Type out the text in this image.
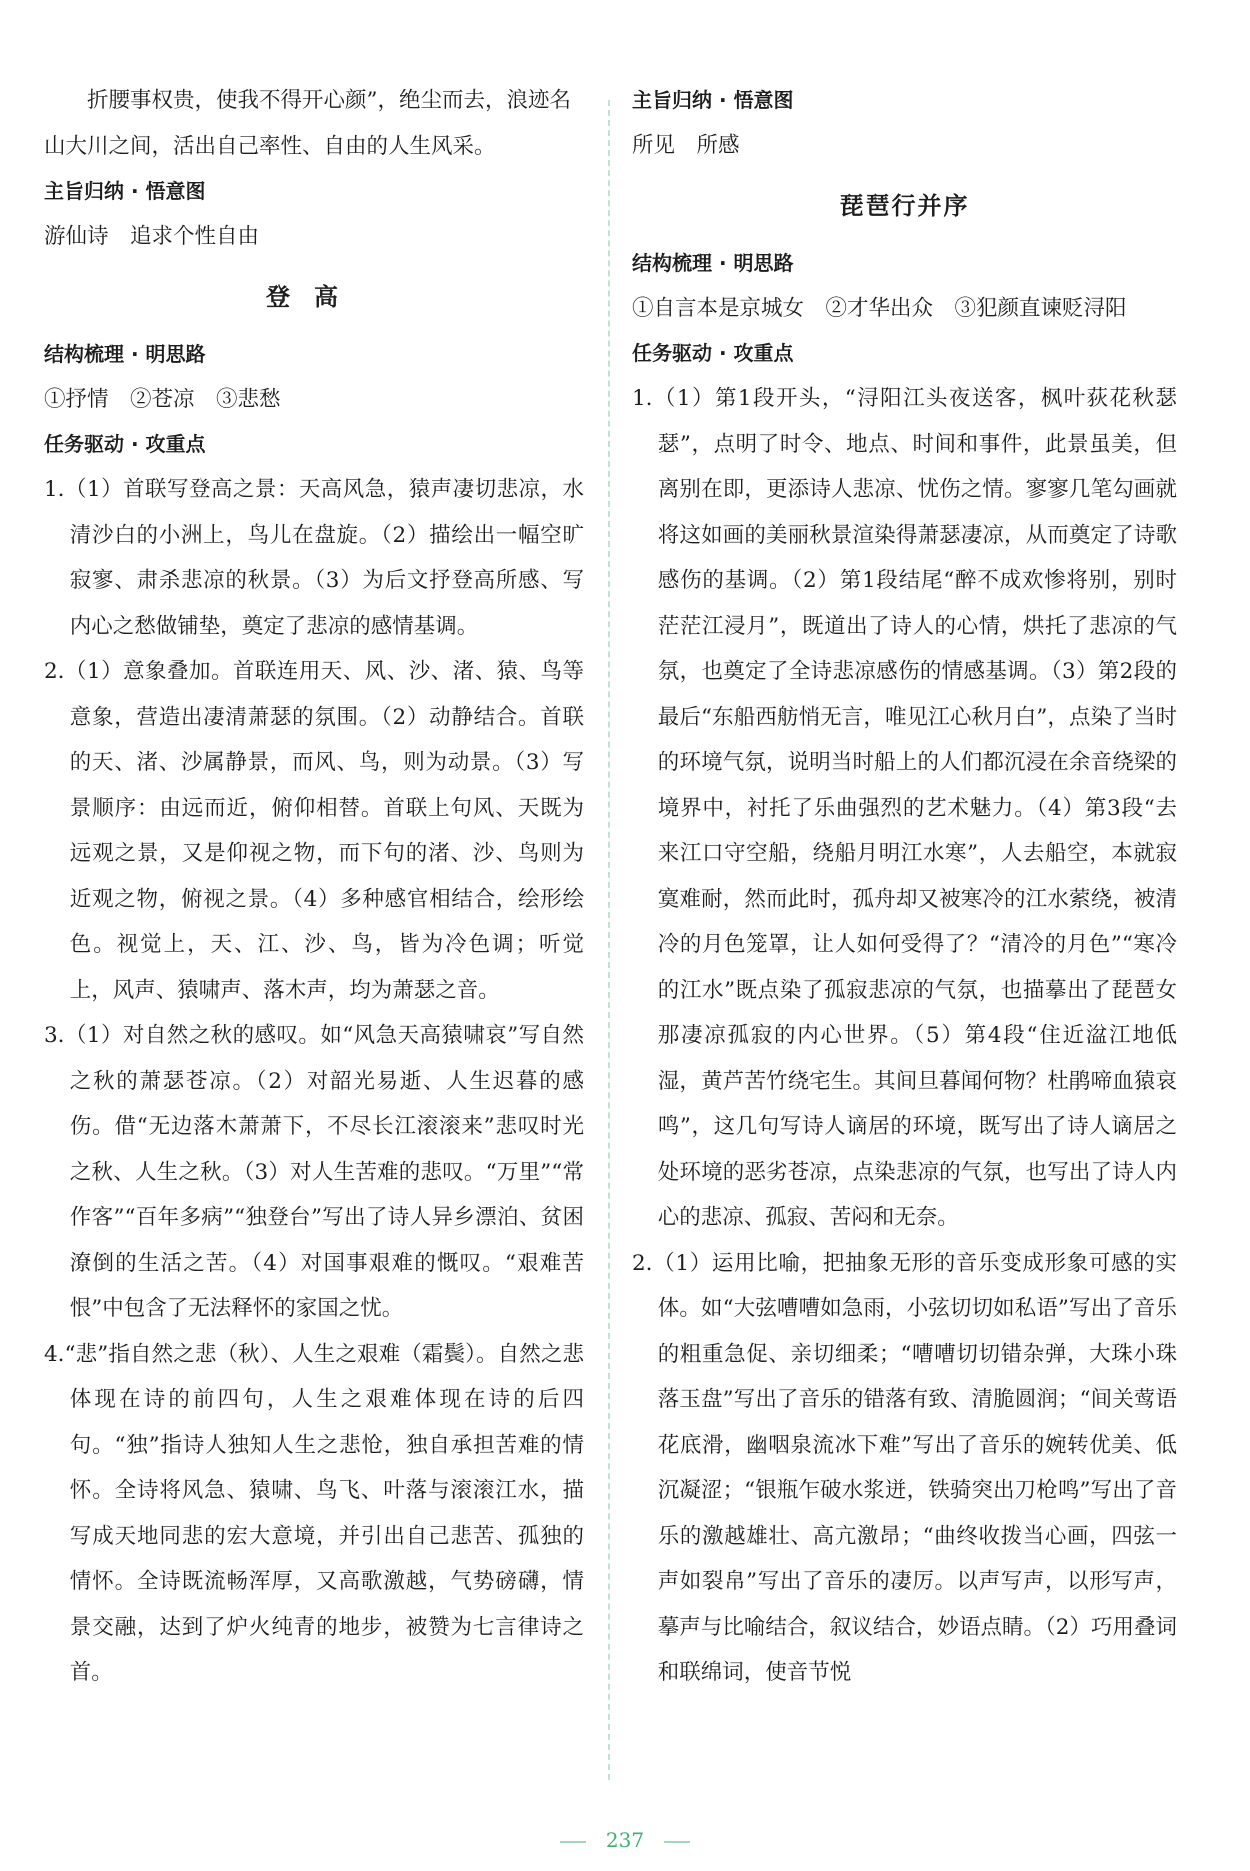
折腰事权贵，使我不得开心颜”，绝尘而去，浪迹名

山大川之间，活出自己率性、自由的人生风采。

主旨归纳 · 悟意图

游仙诗　追求个性自由

登高

结构梳理 · 明思路

①抒情　②苍凉　③悲愁

任务驱动 · 攻重点

1.（1）首联写登高之景：天高风急，猿声凄切悲凉，水清沙白的小洲上，鸟儿在盘旋。（2）描绘出一幅空旷寂寥、肃杀悲凉的秋景。（3）为后文抒登高所感、写内心之愁做铺垫，奠定了悲凉的感情基调。

2.（1）意象叠加。首联连用天、风、沙、渚、猿、鸟等意象，营造出凄清萧瑟的氛围。（2）动静结合。首联的天、渚、沙属静景，而风、鸟，则为动景。（3）写景顺序：由远而近，俯仰相替。首联上句风、天既为远观之景，又是仰视之物，而下句的渚、沙、鸟则为近观之物，俯视之景。（4）多种感官相结合，绘形绘色。视觉上，天、江、沙、鸟，皆为冷色调；听觉上，风声、猿啸声、落木声，均为萧瑟之音。

3.（1）对自然之秋的感叹。如“风急天高猿啸哀”写自然之秋的萧瑟苍凉。（2）对韶光易逝、人生迟暮的感伤。借“无边落木萧萧下，不尽长江滚滚来”悲叹时光之秋、人生之秋。（3）对人生苦难的悲叹。“万里”“常作客”“百年多病”“独登台”写出了诗人异乡漂泊、贫困潦倒的生活之苦。（4）对国事艰难的慨叹。“艰难苦恨”中包含了无法释怀的家国之忧。

4.“悲”指自然之悲（秋）、人生之艰难（霜鬓）。自然之悲体现在诗的前四句，人生之艰难体现在诗的后四句。“独”指诗人独知人生之悲怆，独自承担苦难的情怀。全诗将风急、猿啸、鸟飞、叶落与滚滚江水，描写成天地同悲的宏大意境，并引出自己悲苦、孤独的情怀。全诗既流畅浑厚，又高歌激越，气势磅礴，情景交融，达到了炉火纯青的地步，被赞为七言律诗之首。

主旨归纳 · 悟意图

所见　所感

琵琶行并序

结构梳理 · 明思路

①自言本是京城女　②才华出众　③犯颜直谏贬浔阳

任务驱动 · 攻重点

1.（1）第1段开头，“浔阳江头夜送客，枫叶荻花秋瑟瑟”，点明了时令、地点、时间和事件，此景虽美，但离别在即，更添诗人悲凉、忧伤之情。寥寥几笔勾画就将这如画的美丽秋景渲染得萧瑟凄凉，从而奠定了诗歌感伤的基调。（2）第1段结尾“醉不成欢惨将别，别时茫茫江浸月”，既道出了诗人的心情，烘托了悲凉的气氛，也奠定了全诗悲凉感伤的情感基调。（3）第2段的最后“东船西舫悄无言，唯见江心秋月白”，点染了当时的环境气氛，说明当时船上的人们都沉浸在余音绕梁的境界中，衬托了乐曲强烈的艺术魅力。（4）第3段“去来江口守空船，绕船月明江水寒”，人去船空，本就寂寞难耐，然而此时，孤舟却又被寒冷的江水萦绕，被清冷的月色笼罩，让人如何受得了？“清冷的月色”“寒冷的江水”既点染了孤寂悲凉的气氛，也描摹出了琵琶女那凄凉孤寂的内心世界。（5）第4段“住近湓江地低湿，黄芦苦竹绕宅生。其间旦暮闻何物？杜鹃啼血猿哀鸣”，这几句写诗人谪居的环境，既写出了诗人谪居之处环境的恶劣苍凉，点染悲凉的气氛，也写出了诗人内心的悲凉、孤寂、苦闷和无奈。

2.（1）运用比喻，把抽象无形的音乐变成形象可感的实体。如“大弦嘈嘈如急雨，小弦切切如私语”写出了音乐的粗重急促、亲切细柔；“嘈嘈切切错杂弹，大珠小珠落玉盘”写出了音乐的错落有致、清脆圆润；“间关莺语花底滑，幽咽泉流冰下难”写出了音乐的婉转优美、低沉凝涩；“银瓶乍破水浆迸，铁骑突出刀枪鸣”写出了音乐的激越雄壮、高亢激昂；“曲终收拨当心画，四弦一声如裂帛”写出了音乐的凄厉。以声写声，以形写声，摹声与比喻结合，叙议结合，妙语点睛。（2）巧用叠词和联绵词，使音节悦

237
